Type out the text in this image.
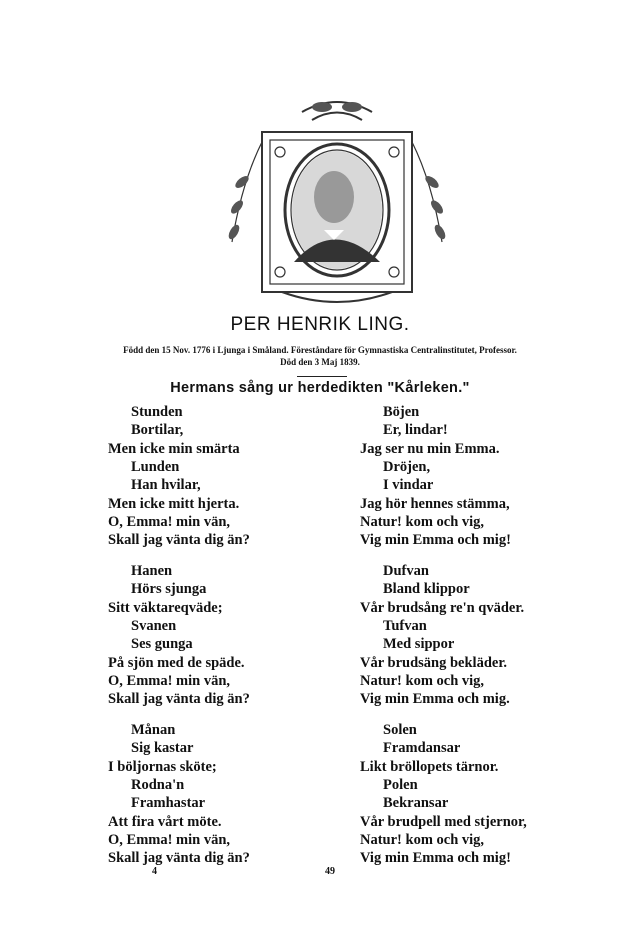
PER HENRIK LING.
Född den 15 Nov. 1776 i Ljunga i Småland. Föreståndare för Gymnastiska Centralinstitutet, Professor.
Död den 3 Maj 1839.
Hermans sång ur herdedikten "Kårleken."
Stunden
Bortilar,
Men icke min smärta
Lunden
Han hvilar,
Men icke mitt hjerta.
O, Emma! min vän,
Skall jag vänta dig än?
Hanen
Hörs sjunga
Sitt väktareqväde;
Svanen
Ses gunga
På sjön med de späde.
O, Emma! min vän,
Skall jag vänta dig än?
Månan
Sig kastar
I böljornas sköte;
Rodna'n
Framhastar
Att fira vårt möte.
O, Emma! min vän,
Skall jag vänta dig än?
Böjen
Er, lindar!
Jag ser nu min Emma.
Dröjen,
I vindar
Jag hör hennes stämma,
Natur! kom och vig,
Vig min Emma och mig!
Dufvan
Bland klippor
Vår brudsång re'n qväder.
Tufvan
Med sippor
Vår brudsäng bekläder.
Natur! kom och vig,
Vig min Emma och mig.
Solen
Framdansar
Likt bröllopets tärnor.
Polen
Bekransar
Vår brudpell med stjernor,
Natur! kom och vig,
Vig min Emma och mig!
4	49
